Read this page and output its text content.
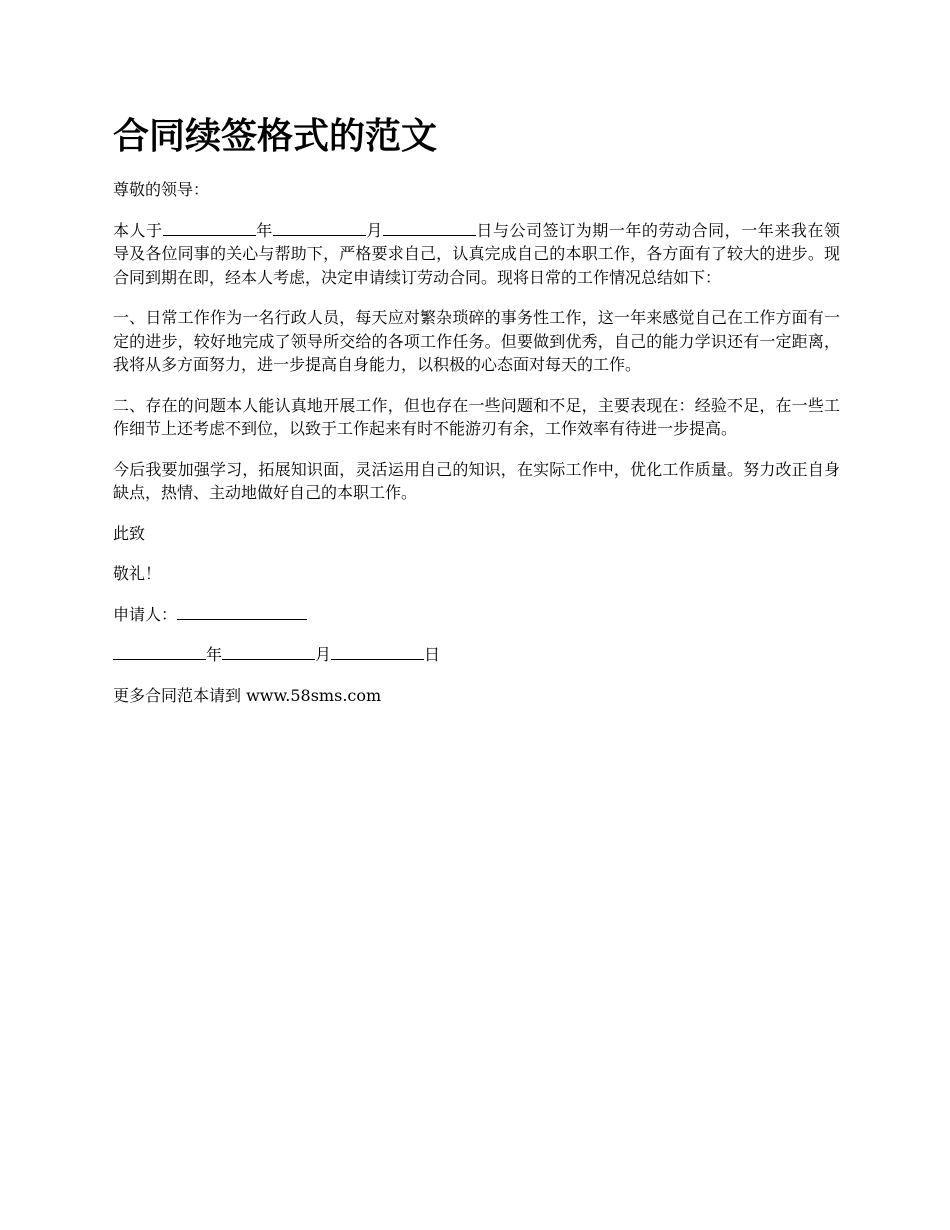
合同续签格式的范文

尊敬的领导：

本人于	年	月	日与公司签订为期一年的劳动合同，一年来我在领导及各位同事的关心与帮助下，严格要求自己，认真完成自己的本职工作，各方面有了较大的进步。现合同到期在即，经本人考虑，决定申请续订劳动合同。现将日常的工作情况总结如下：

一、日常工作作为一名行政人员，每天应对繁杂琐碎的事务性工作，这一年来感觉自己在工作方面有一定的进步，较好地完成了领导所交给的各项工作任务。但要做到优秀，自己的能力学识还有一定距离，我将从多方面努力，进一步提高自身能力，以积极的心态面对每天的工作。

二、存在的问题本人能认真地开展工作，但也存在一些问题和不足，主要表现在：经验不足，在一些工作细节上还考虑不到位，以致于工作起来有时不能游刃有余，工作效率有待进一步提高。

今后我要加强学习，拓展知识面，灵活运用自己的知识，在实际工作中，优化工作质量。努力改正自身缺点，热情、主动地做好自己的本职工作。

此致

敬礼！

申请人：

年	月	日

更多合同范本请到 www.58sms.com
